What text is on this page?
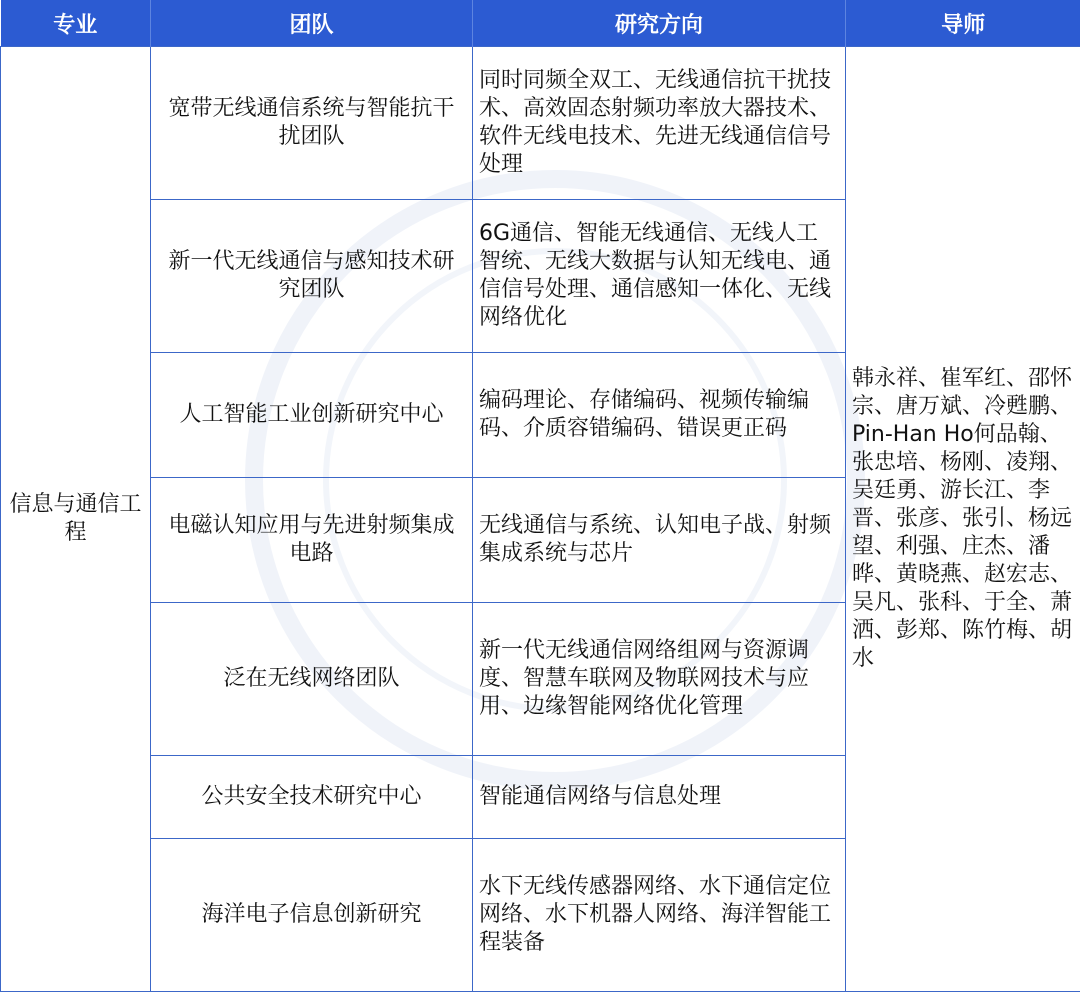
专业	团队	研究方向	导师
信息与通信工程	宽带无线通信系统与智能抗干扰团队	同时同频全双工、无线通信抗干扰技术、高效固态射频功率放大器技术、软件无线电技术、先进无线通信信号处理	韩永祥、崔军红、邵怀宗、唐万斌、冷甦鹏、Pin-Han Ho何品翰、张忠培、杨刚、凌翔、吴廷勇、游长江、李晋、张彦、张引、杨远望、利强、庄杰、潘晔、黄晓燕、赵宏志、吴凡、张科、于全、萧洒、彭郑、陈竹梅、胡水
	新一代无线通信与感知技术研究团队	6G通信、智能无线通信、无线人工智统、无线大数据与认知无线电、通信信号处理、通信感知一体化、无线网络优化	
	人工智能工业创新研究中心	编码理论、存储编码、视频传输编码、介质容错编码、错误更正码	
	电磁认知应用与先进射频集成电路	无线通信与系统、认知电子战、射频集成系统与芯片	
	泛在无线网络团队	新一代无线通信网络组网与资源调度、智慧车联网及物联网技术与应用、边缘智能网络优化管理	
	公共安全技术研究中心	智能通信网络与信息处理	
	海洋电子信息创新研究	水下无线传感器网络、水下通信定位网络、水下机器人网络、海洋智能工程装备	
